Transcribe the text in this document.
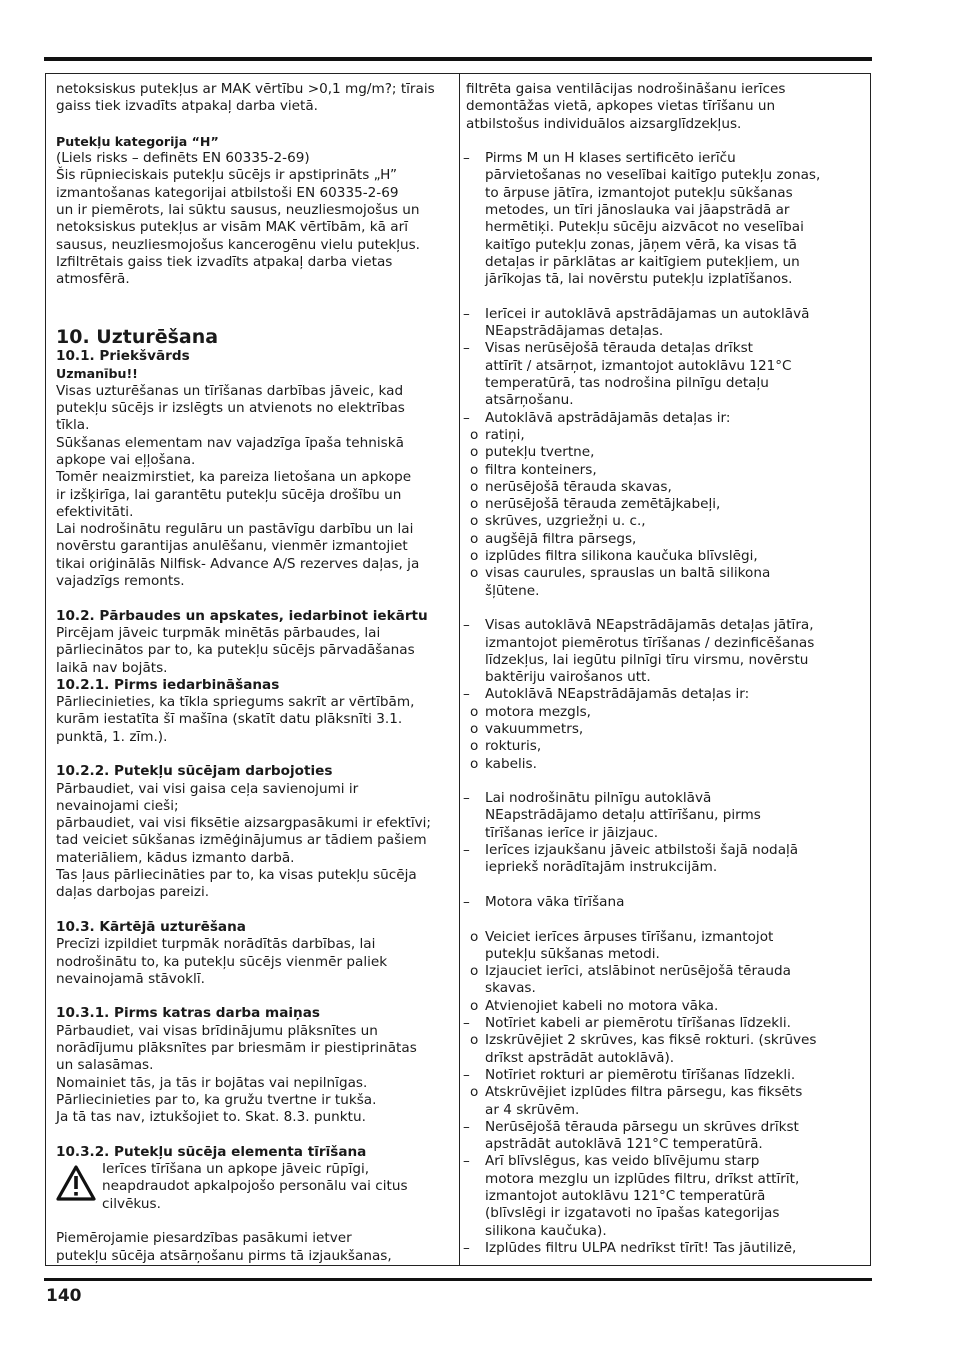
netoksiskus putekļus ar MAK vērtību >0,1 mg/m?; tīrais
gaiss tiek izvadīts atpakaļ darba vietā.
Putekļu kategorija “H”
(Liels risks – definēts EN 60335-2-69)
Šis rūpnieciskais putekļu sūcējs ir apstiprināts „H”
izmantošanas kategorijai atbilstoši EN 60335-2-69
un ir piemērots, lai sūktu sausus, neuzliesmojošus un
netoksiskus putekļus ar visām MAK vērtībām, kā arī
sausus, neuzliesmojošus kancerogēnu vielu putekļus.
Izfiltrētais gaiss tiek izvadīts atpakaļ darba vietas
atmosfērā.
10. Uzturēšana
10.1. Priekšvārds
Uzmanību!!
Visas uzturēšanas un tīrīšanas darbības jāveic, kad
putekļu sūcējs ir izslēgts un atvienots no elektrības
tīkla.
Sūkšanas elementam nav vajadzīga īpaša tehniskā
apkope vai eļļošana.
Tomēr neaizmirstiet, ka pareiza lietošana un apkope
ir izšķirīga, lai garantētu putekļu sūcēja drošību un
efektivitāti.
Lai nodrošinātu regulāru un pastāvīgu darbību un lai
novērstu garantijas anulēšanu, vienmēr izmantojiet
tikai oriģinālās Nilfisk- Advance A/S rezerves daļas, ja
vajadzīgs remonts.
10.2. Pārbaudes un apskates, iedarbinot iekārtu
Pircējam jāveic turpmāk minētās pārbaudes, lai
pārliecinātos par to, ka putekļu sūcējs pārvadāšanas
laikā nav bojāts.
10.2.1. Pirms iedarbināšanas
Pārliecinieties, ka tīkla spriegums sakrīt ar vērtībām,
kurām iestatīta šī mašīna (skatīt datu plāksnīti 3.1.
punktā, 1. zīm.).
10.2.2. Putekļu sūcējam darbojoties
Pārbaudiet, vai visi gaisa ceļa savienojumi ir
nevainojami cieši;
pārbaudiet, vai visi fiksētie aizsargpasākumi ir efektīvi;
tad veiciet sūkšanas izmēģinājumus ar tādiem pašiem
materiāliem, kādus izmanto darbā.
Tas ļaus pārliecināties par to, ka visas putekļu sūcēja
daļas darbojas pareizi.
10.3. Kārtējā uzturēšana
Precīzi izpildiet turpmāk norādītās darbības, lai
nodrošinātu to, ka putekļu sūcējs vienmēr paliek
nevainojamā stāvoklī.
10.3.1. Pirms katras darba maiņas
Pārbaudiet, vai visas brīdinājumu plāksnītes un
norādījumu plāksnītes par briesmām ir piestiprinātas
un salasāmas.
Nomainiet tās, ja tās ir bojātas vai nepilnīgas.
Pārliecinieties par to, ka gružu tvertne ir tukša.
Ja tā tas nav, iztukšojiet to. Skat. 8.3. punktu.
10.3.2. Putekļu sūcēja elementa tīrīšana
Ierīces tīrīšana un apkope jāveic rūpīgi,
neapdraudot apkalpojošo personālu vai citus
cilvēkus.
Piemērojamie piesardzības pasākumi ietver
putekļu sūcēja atsārņošanu pirms tā izjaukšanas,
filtrēta gaisa ventilācijas nodrošināšanu ierīces
demontāžas vietā, apkopes vietas tīrīšanu un
atbilstošus individuālos aizsarglīdzekļus.
– Pirms M un H klases sertificēto ierīču
pārvietošanas no veselībai kaitīgo putekļu zonas,
to ārpuse jātīra, izmantojot putekļu sūkšanas
metodes, un tīri jānoslauka vai jāapstrādā ar
hermētiķi. Putekļu sūcēju aizvācot no veselībai
kaitīgo putekļu zonas, jāņem vērā, ka visas tā
detaļas ir pārklātas ar kaitīgiem putekļiem, un
jārīkojas tā, lai novērstu putekļu izplatīšanos.
– Ierīcei ir autoklāvā apstrādājamas un autoklāvā
NEapstrādājamas detaļas.
– Visas nerūsējošā tērauda detaļas drīkst
attīrīt / atsārņot, izmantojot autoklāvu 121°C
temperatūrā, tas nodrošina pilnīgu detaļu
atsārņošanu.
– Autoklāvā apstrādājamās detaļas ir:
o ratiņi,
o putekļu tvertne,
o filtra konteiners,
o nerūsējošā tērauda skavas,
o nerūsējošā tērauda zemētājkabeļi,
o skrūves, uzgriežņi u. c.,
o augšējā filtra pārsegs,
o izplūdes filtra silikona kaučuka blīvslēgi,
o visas caurules, sprauslas un baltā silikona
šļūtene.
– Visas autoklāvā NEapstrādājamās detaļas jātīra,
izmantojot piemērotus tīrīšanas / dezinficēšanas
līdzekļus, lai iegūtu pilnīgi tīru virsmu, novērstu
baktēriju vairošanos utt.
– Autoklāvā NEapstrādājamās detaļas ir:
o motora mezgls,
o vakuummetrs,
o rokturis,
o kabelis.
– Lai nodrošinātu pilnīgu autoklāvā
NEapstrādājamo detaļu attīrīšanu, pirms
tīrīšanas ierīce ir jāizjauc.
– Ierīces izjaukšanu jāveic atbilstoši šajā nodaļā
iepriekš norādītajām instrukcijām.
– Motora vāka tīrīšana
o Veiciet ierīces ārpuses tīrīšanu, izmantojot
putekļu sūkšanas metodi.
o Izjauciet ierīci, atslābinot nerūsējošā tērauda
skavas.
o Atvienojiet kabeli no motora vāka.
– Notīriet kabeli ar piemērotu tīrīšanas līdzekli.
o Izskrūvējiet 2 skrūves, kas fiksē rokturi. (skrūves
drīkst apstrādāt autoklāvā).
– Notīriet rokturi ar piemērotu tīrīšanas līdzekli.
o Atskrūvējiet izplūdes filtra pārsegu, kas fiksēts
ar 4 skrūvēm.
– Nerūsējošā tērauda pārsegu un skrūves drīkst
apstrādāt autoklāvā 121°C temperatūrā.
– Arī blīvslēgus, kas veido blīvējumu starp
motora mezglu un izplūdes filtru, drīkst attīrīt,
izmantojot autoklāvu 121°C temperatūrā
(blīvslēgi ir izgatavoti no īpašas kategorijas
silikona kaučuka).
– Izplūdes filtru ULPA nedrīkst tīrīt! Tas jāutilizē,
140
